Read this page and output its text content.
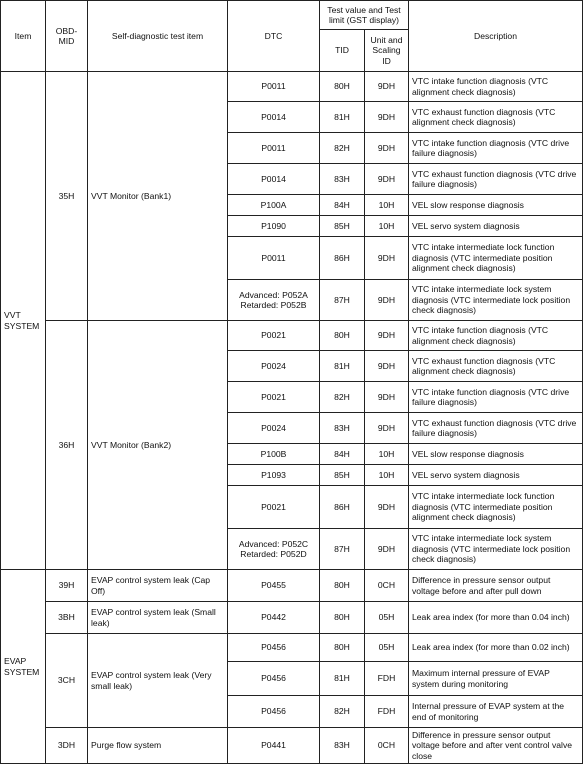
Item	OBD-MID	Self-diagnostic test item	DTC	Test value and Test limit (GST display)		Description
				TID	Unit and Scaling ID	
VVT SYSTEM	35H	VVT Monitor (Bank1)	P0011	80H	9DH	VTC intake function diagnosis (VTC alignment check diagnosis)
			P0014	81H	9DH	VTC exhaust function diagnosis (VTC alignment check diagnosis)
			P0011	82H	9DH	VTC intake function diagnosis (VTC drive failure diagnosis)
			P0014	83H	9DH	VTC exhaust function diagnosis (VTC drive failure diagnosis)
			P100A	84H	10H	VEL slow response diagnosis
			P1090	85H	10H	VEL servo system diagnosis
			P0011	86H	9DH	VTC intake intermediate lock function diagnosis (VTC intermediate position alignment check diagnosis)
			Advanced: P052A Retarded: P052B	87H	9DH	VTC intake intermediate lock system diagnosis (VTC intermediate lock position check diagnosis)
	36H	VVT Monitor (Bank2)	P0021	80H	9DH	VTC intake function diagnosis (VTC alignment check diagnosis)
			P0024	81H	9DH	VTC exhaust function diagnosis (VTC alignment check diagnosis)
			P0021	82H	9DH	VTC intake function diagnosis (VTC drive failure diagnosis)
			P0024	83H	9DH	VTC exhaust function diagnosis (VTC drive failure diagnosis)
			P100B	84H	10H	VEL slow response diagnosis
			P1093	85H	10H	VEL servo system diagnosis
			P0021	86H	9DH	VTC intake intermediate lock function diagnosis (VTC intermediate position alignment check diagnosis)
			Advanced: P052C Retarded: P052D	87H	9DH	VTC intake intermediate lock system diagnosis (VTC intermediate lock position check diagnosis)
EVAP SYSTEM	39H	EVAP control system leak (Cap Off)	P0455	80H	0CH	Difference in pressure sensor output voltage before and after pull down
	3BH	EVAP control system leak (Small leak)	P0442	80H	05H	Leak area index (for more than 0.04 inch)
	3CH	EVAP control system leak (Very small leak)	P0456	80H	05H	Leak area index (for more than 0.02 inch)
			P0456	81H	FDH	Maximum internal pressure of EVAP system during monitoring
			P0456	82H	FDH	Internal pressure of EVAP system at the end of monitoring
	3DH	Purge flow system	P0441	83H	0CH	Difference in pressure sensor output voltage before and after vent control valve close
